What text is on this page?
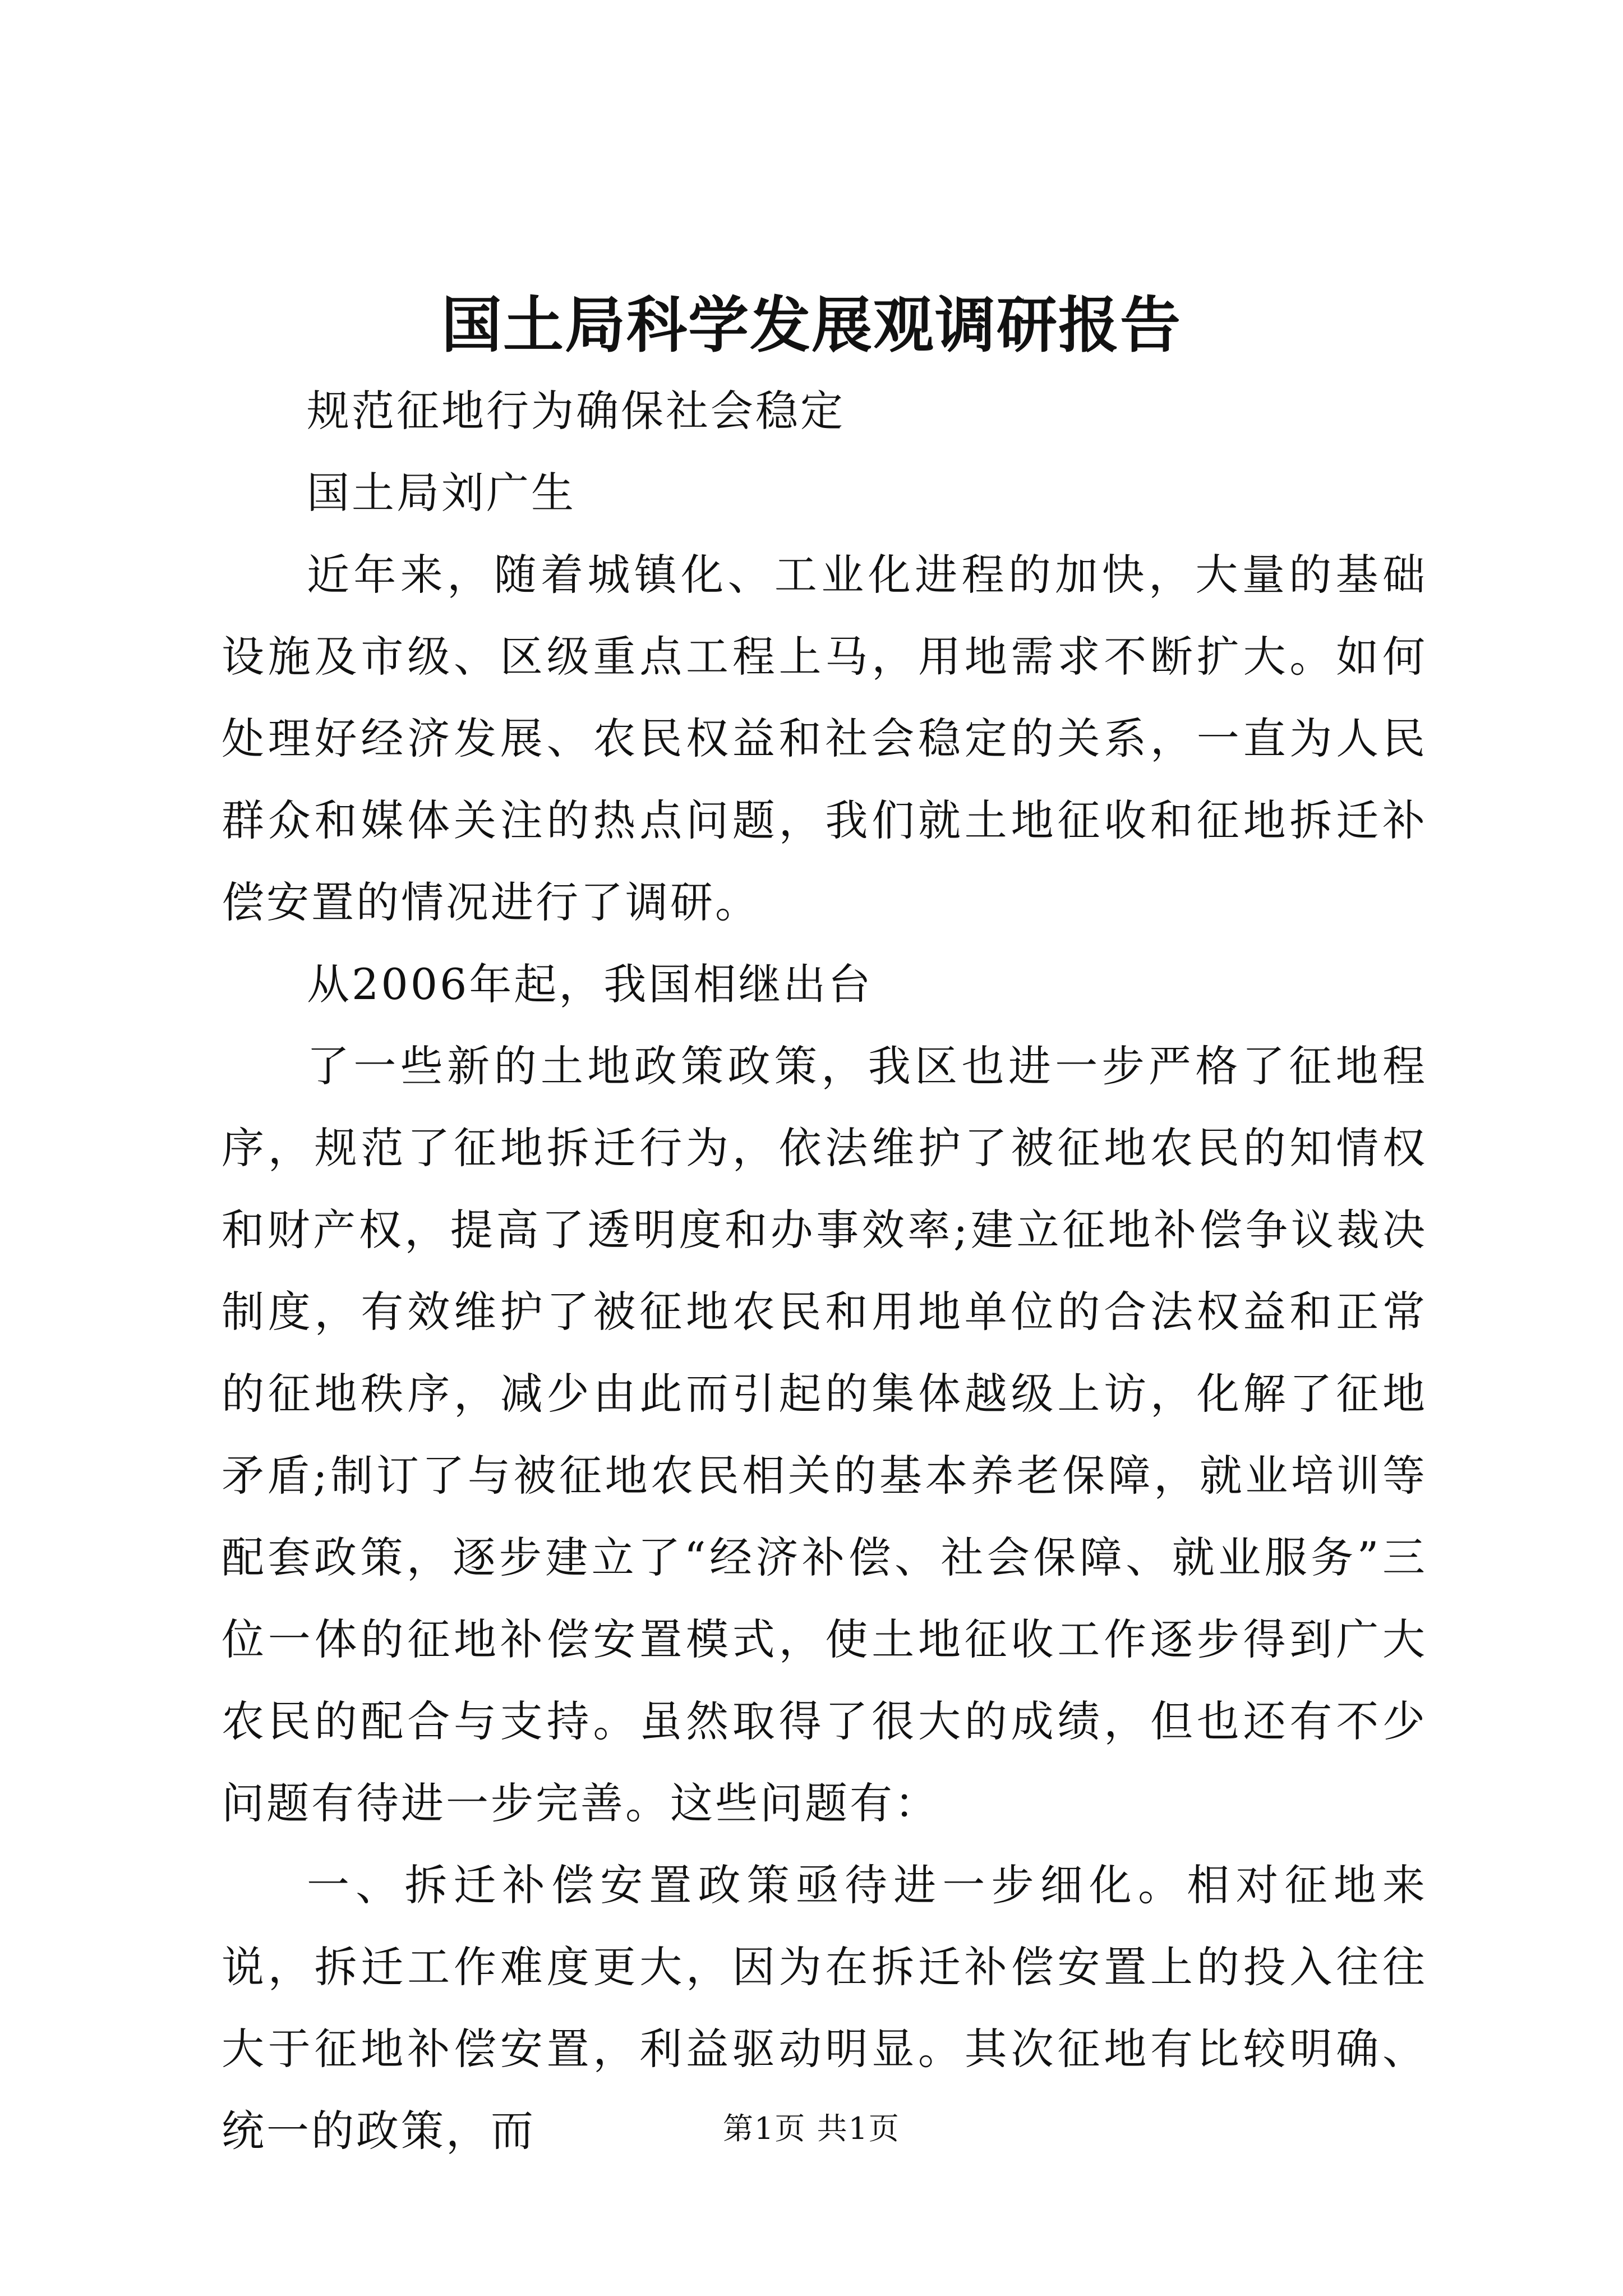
国土局科学发展观调研报告

规范征地行为确保社会稳定

国土局刘广生

近年来，随着城镇化、工业化进程的加快，大量的基础设施及市级、区级重点工程上马，用地需求不断扩大。如何处理好经济发展、农民权益和社会稳定的关系，一直为人民群众和媒体关注的热点问题，我们就土地征收和征地拆迁补偿安置的情况进行了调研。

从2006年起，我国相继出台

了一些新的土地政策政策，我区也进一步严格了征地程序，规范了征地拆迁行为，依法维护了被征地农民的知情权和财产权，提高了透明度和办事效率;建立征地补偿争议裁决制度，有效维护了被征地农民和用地单位的合法权益和正常的征地秩序，减少由此而引起的集体越级上访，化解了征地矛盾;制订了与被征地农民相关的基本养老保障，就业培训等配套政策，逐步建立了“经济补偿、社会保障、就业服务”三位一体的征地补偿安置模式，使土地征收工作逐步得到广大农民的配合与支持。虽然取得了很大的成绩，但也还有不少问题有待进一步完善。这些问题有：

一、拆迁补偿安置政策亟待进一步细化。相对征地来说，拆迁工作难度更大，因为在拆迁补偿安置上的投入往往大于征地补偿安置，利益驱动明显。其次征地有比较明确、统一的政策，而	第1页 共1页
